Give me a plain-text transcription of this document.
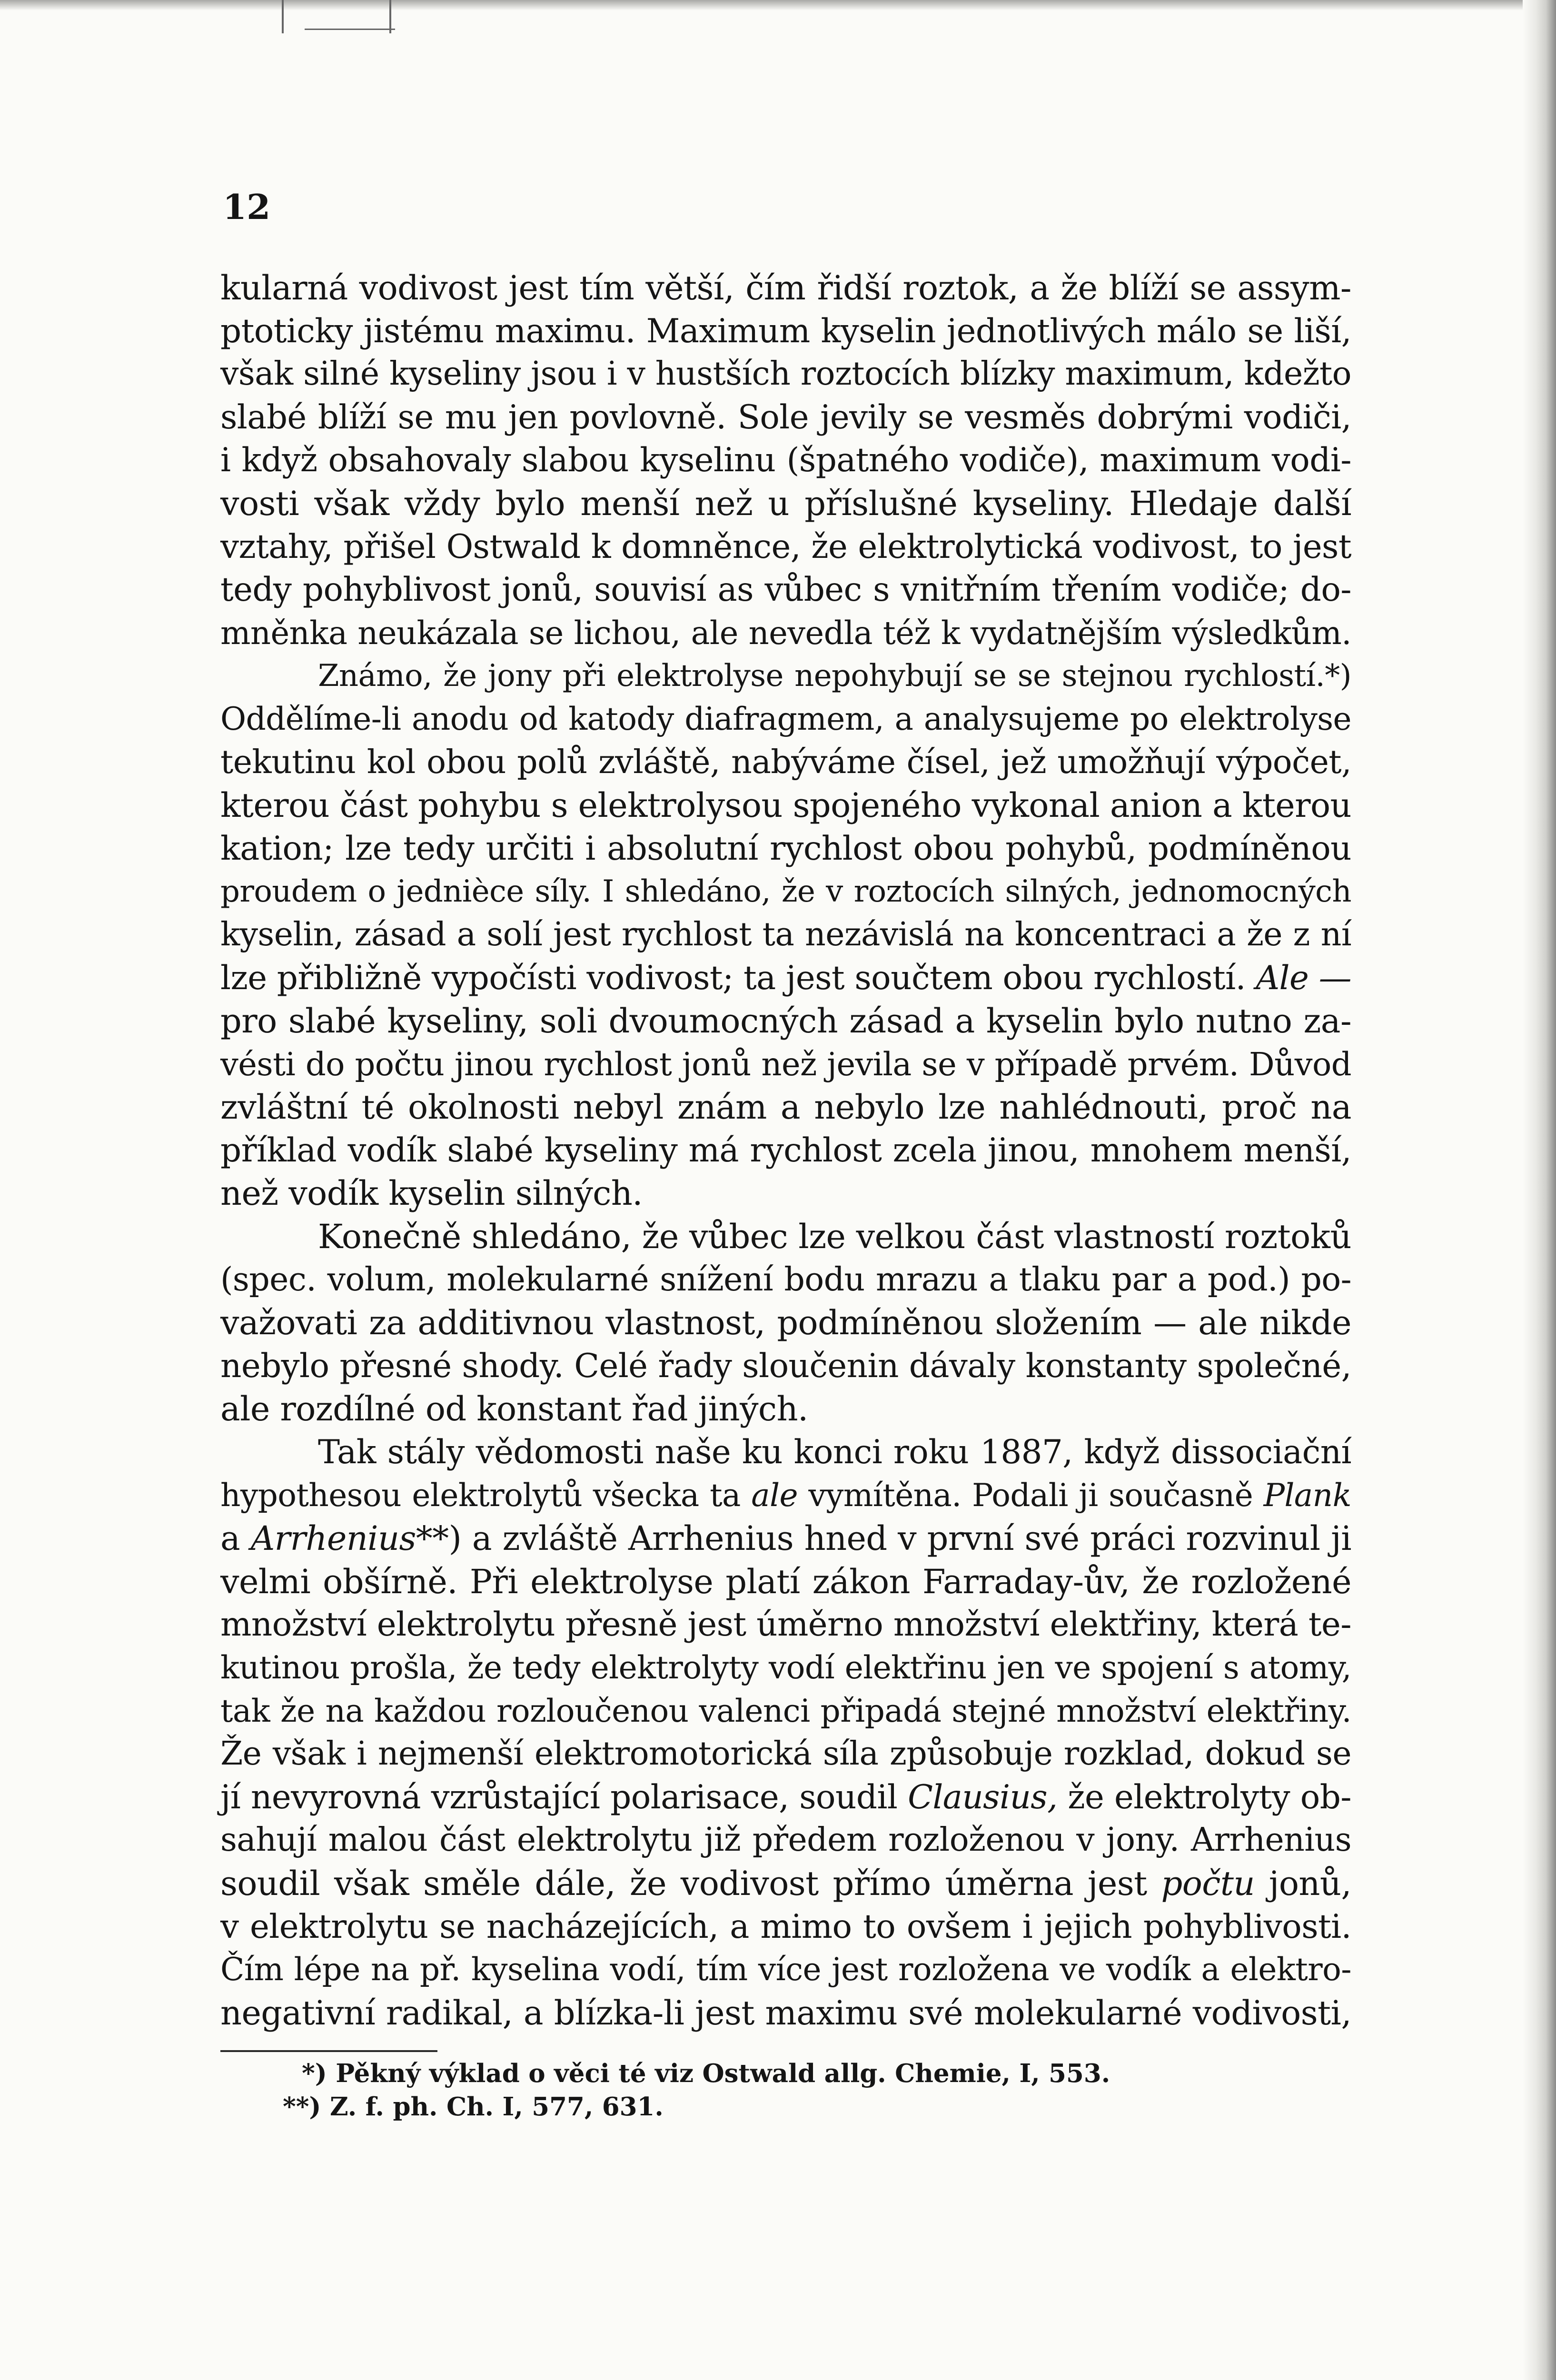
12
kularná vodivost jest tím větší, čím řidší roztok, a že blíží se assym-
ptoticky jistému maximu. Maximum kyselin jednotlivých málo se liší,
však silné kyseliny jsou i v hustších roztocích blízky maximum, kdežto
slabé blíží se mu jen povlovně. Sole jevily se vesměs dobrými vodiči,
i když obsahovaly slabou kyselinu (špatného vodiče), maximum vodi-
vosti však vždy bylo menší než u příslušné kyseliny. Hledaje další
vztahy, přišel Ostwald k domněnce, že elektrolytická vodivost, to jest
tedy pohyblivost jonů, souvisí as vůbec s vnitřním třením vodiče; do-
mněnka neukázala se lichou, ale nevedla též k vydatnějším výsledkům.
Známo, že jony při elektrolyse nepohybují se se stejnou rychlostí.*)
Oddělíme-li anodu od katody diafragmem, a analysujeme po elektrolyse
tekutinu kol obou polů zvláště, nabýváme čísel, jež umožňují výpočet,
kterou část pohybu s elektrolysou spojeného vykonal anion a kterou
kation; lze tedy určiti i absolutní rychlost obou pohybů, podmíněnou
proudem o jednièce síly. I shledáno, že v roztocích silných, jednomocných
kyselin, zásad a solí jest rychlost ta nezávislá na koncentraci a že z ní
lze přibližně vypočísti vodivost; ta jest součtem obou rychlostí. Ale —
pro slabé kyseliny, soli dvoumocných zásad a kyselin bylo nutno za-
vésti do počtu jinou rychlost jonů než jevila se v případě prvém. Důvod
zvláštní té okolnosti nebyl znám a nebylo lze nahlédnouti, proč na
příklad vodík slabé kyseliny má rychlost zcela jinou, mnohem menší,
než vodík kyselin silných.
Konečně shledáno, že vůbec lze velkou část vlastností roztoků
(spec. volum, molekularné snížení bodu mrazu a tlaku par a pod.) po-
važovati za additivnou vlastnost, podmíněnou složením — ale nikde
nebylo přesné shody. Celé řady sloučenin dávaly konstanty společné,
ale rozdílné od konstant řad jiných.
Tak stály vědomosti naše ku konci roku 1887, když dissociační
hypothesou elektrolytů všecka ta ale vymítěna. Podali ji současně Plank
a Arrhenius**) a zvláště Arrhenius hned v první své práci rozvinul ji
velmi obšírně. Při elektrolyse platí zákon Farraday-ův, že rozložené
množství elektrolytu přesně jest úměrno množství elektřiny, která te-
kutinou prošla, že tedy elektrolyty vodí elektřinu jen ve spojení s atomy,
tak že na každou rozloučenou valenci připadá stejné množství elektřiny.
Že však i nejmenší elektromotorická síla způsobuje rozklad, dokud se
jí nevyrovná vzrůstající polarisace, soudil Clausius, že elektrolyty ob-
sahují malou část elektrolytu již předem rozloženou v jony. Arrhenius
soudil však směle dále, že vodivost přímo úměrna jest počtu jonů,
v elektrolytu se nacházejících, a mimo to ovšem i jejich pohyblivosti.
Čím lépe na př. kyselina vodí, tím více jest rozložena ve vodík a elektro-
negativní radikal, a blízka-li jest maximu své molekularné vodivosti,
*) Pěkný výklad o věci té viz Ostwald allg. Chemie, I, 553.
**) Z. f. ph. Ch. I, 577, 631.
